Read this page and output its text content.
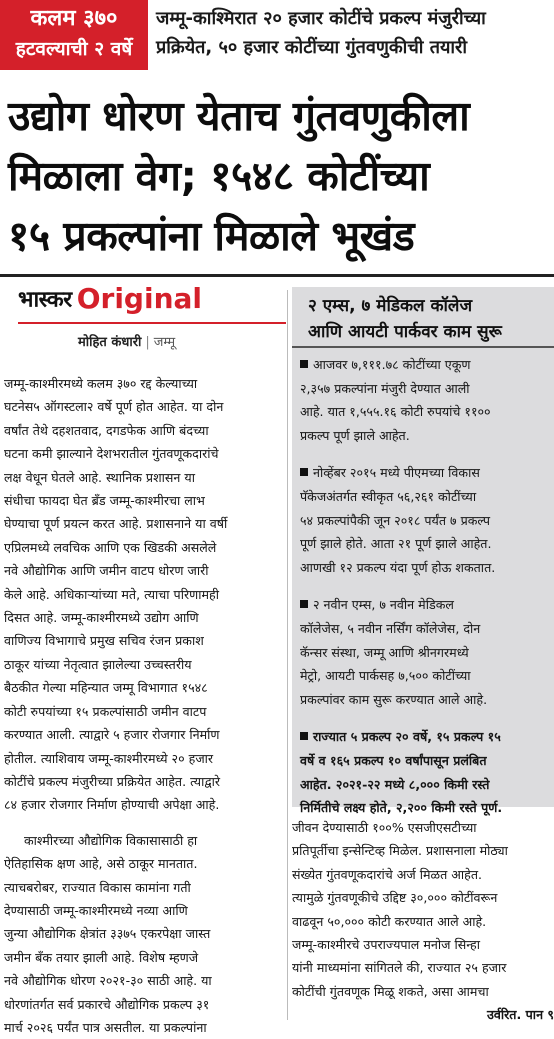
कलम ३७०
हटवल्याची २ वर्षे
जम्मू-काश्मिरात २० हजार कोटींचे प्रकल्प मंजुरीच्या
प्रक्रियेत, ५० हजार कोटींच्या गुंतवणुकीची तयारी
उद्योग धोरण येताच गुंतवणुकीला
मिळाला वेग; १५४८ कोटींच्या
१५ प्रकल्पांना मिळाले भूखंड
भास्कर Original
मोहित कंधारी | जम्मू

जम्मू-काश्मीरमध्ये कलम ३७० रद्द केल्याच्या
घटनेस५ ऑगस्टला२ वर्षे पूर्ण होत आहेत. या दोन
वर्षांत तेथे दहशतवाद, दगडफेक आणि बंदच्या
घटना कमी झाल्याने देशभरातील गुंतवणूकदारांचे
लक्ष वेधून घेतले आहे. स्थानिक प्रशासन या
संधीचा फायदा घेत ब्रँड जम्मू-काश्मीरचा लाभ
घेण्याचा पूर्ण प्रयत्न करत आहे. प्रशासनाने या वर्षी
एप्रिलमध्ये लवचिक आणि एक खिडकी असलेले
नवे औद्योगिक आणि जमीन वाटप धोरण जारी
केले आहे. अधिकाऱ्यांच्या मते, त्याचा परिणामही
दिसत आहे. जम्मू-काश्मीरमध्ये उद्योग आणि
वाणिज्य विभागाचे प्रमुख सचिव रंजन प्रकाश
ठाकूर यांच्या नेतृत्वात झालेल्या उच्चस्तरीय
बैठकीत गेल्या महिन्यात जम्मू विभागात १५४८
कोटी रुपयांच्या १५ प्रकल्पांसाठी जमीन वाटप
करण्यात आली. त्याद्वारे ५ हजार रोजगार निर्माण
होतील. त्याशिवाय जम्मू-काश्मीरमध्ये २० हजार
कोटींचे प्रकल्प मंजुरीच्या प्रक्रियेत आहेत. त्याद्वारे
८४ हजार रोजगार निर्माण होण्याची अपेक्षा आहे.

काश्मीरच्या औद्योगिक विकासासाठी हा
ऐतिहासिक क्षण आहे, असे ठाकूर मानतात.
त्याचबरोबर, राज्यात विकास कामांना गती
देण्यासाठी जम्मू-काश्मीरमध्ये नव्या आणि
जुन्या औद्योगिक क्षेत्रांत ३३७५ एकरपेक्षा जास्त
जमीन बँक तयार झाली आहे. विशेष म्हणजे
नवे औद्योगिक धोरण २०२१-३० साठी आहे. या
धोरणांतर्गत सर्व प्रकारचे औद्योगिक प्रकल्प ३१
मार्च २०२६ पर्यंत पात्र असतील. या प्रकल्पांना

२ एम्स, ७ मेडिकल कॉलेज
आणि आयटी पार्कवर काम सुरू
आजवर ७,१११.७८ कोटींच्या एकूण
२,३५७ प्रकल्पांना मंजुरी देण्यात आली
आहे. यात १,५५५.१६ कोटी रुपयांचे ११००
प्रकल्प पूर्ण झाले आहेत.
नोव्हेंबर २०१५ मध्ये पीएमच्या विकास
पॅकेजअंतर्गत स्वीकृत ५६,२६१ कोटींच्या
५४ प्रकल्पांपैकी जून २०१८ पर्यंत ७ प्रकल्प
पूर्ण झाले होते. आता २१ पूर्ण झाले आहेत.
आणखी १२ प्रकल्प यंदा पूर्ण होऊ शकतात.
२ नवीन एम्स, ७ नवीन मेडिकल
कॉलेजेस, ५ नवीन नर्सिंग कॉलेजेस, दोन
कॅन्सर संस्था, जम्मू आणि श्रीनगरमध्ये
मेट्रो, आयटी पार्कसह ७,५०० कोटींच्या
प्रकल्पांवर काम सुरू करण्यात आले आहे.
राज्यात ५ प्रकल्प २० वर्षे, १५ प्रकल्प १५
वर्षे व १६५ प्रकल्प १० वर्षांपासून प्रलंबित
आहेत. २०२१-२२ मध्ये ८,००० किमी रस्ते
निर्मितीचे लक्ष्य होते, २,२०० किमी रस्ते पूर्ण.
जीवन देण्यासाठी १००% एसजीएसटीच्या
प्रतिपूर्तीचा इन्सेन्टिव्ह मिळेल. प्रशासनाला मोठ्या
संख्येत गुंतवणूकदारांचे अर्ज मिळत आहेत.
त्यामुळे गुंतवणूकीचे उद्दिष्ट ३०,००० कोटींवरून
वाढवून ५०,००० कोटी करण्यात आले आहे.
जम्मू-काश्मीरचे उपराज्यपाल मनोज सिन्हा
यांनी माध्यमांना सांगितले की, राज्यात २५ हजार
कोटींची गुंतवणूक मिळू शकते, असा आमचा
उर्वरित. पान ९
